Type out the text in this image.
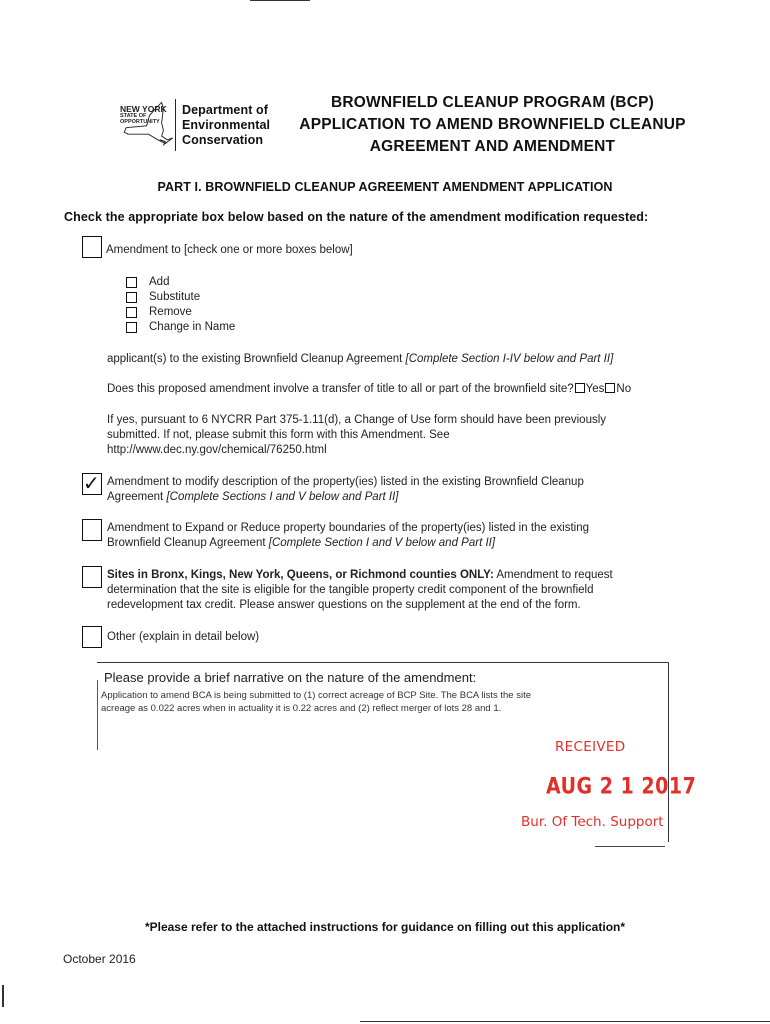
NEW YORK
STATE OF
OPPORTUNITY
Department of
Environmental
Conservation
BROWNFIELD CLEANUP PROGRAM (BCP)
APPLICATION TO AMEND BROWNFIELD CLEANUP
AGREEMENT AND AMENDMENT
PART I. BROWNFIELD CLEANUP AGREEMENT AMENDMENT APPLICATION
Check the appropriate box below based on the nature of the amendment modification requested:
Amendment to [check one or more boxes below]
Add
Substitute
Remove
Change in Name
applicant(s) to the existing Brownfield Cleanup Agreement [Complete Section I-IV below and Part II]
Does this proposed amendment involve a transfer of title to all or part of the brownfield site? Yes No
If yes, pursuant to 6 NYCRR Part 375-1.11(d), a Change of Use form should have been previously
submitted. If not, please submit this form with this Amendment. See
http://www.dec.ny.gov/chemical/76250.html
✓ Amendment to modify description of the property(ies) listed in the existing Brownfield Cleanup
Agreement [Complete Sections I and V below and Part II]
Amendment to Expand or Reduce property boundaries of the property(ies) listed in the existing
Brownfield Cleanup Agreement [Complete Section I and V below and Part II]
Sites in Bronx, Kings, New York, Queens, or Richmond counties ONLY: Amendment to request
determination that the site is eligible for the tangible property credit component of the brownfield
redevelopment tax credit. Please answer questions on the supplement at the end of the form.
Other (explain in detail below)
Please provide a brief narrative on the nature of the amendment:
Application to amend BCA is being submitted to (1) correct acreage of BCP Site. The BCA lists the site
acreage as 0.022 acres when in actuality it is 0.22 acres and (2) reflect merger of lots 28 and 1.
RECEIVED
AUG 2 1 2017
Bur. Of Tech. Support
*Please refer to the attached instructions for guidance on filling out this application*
October 2016
